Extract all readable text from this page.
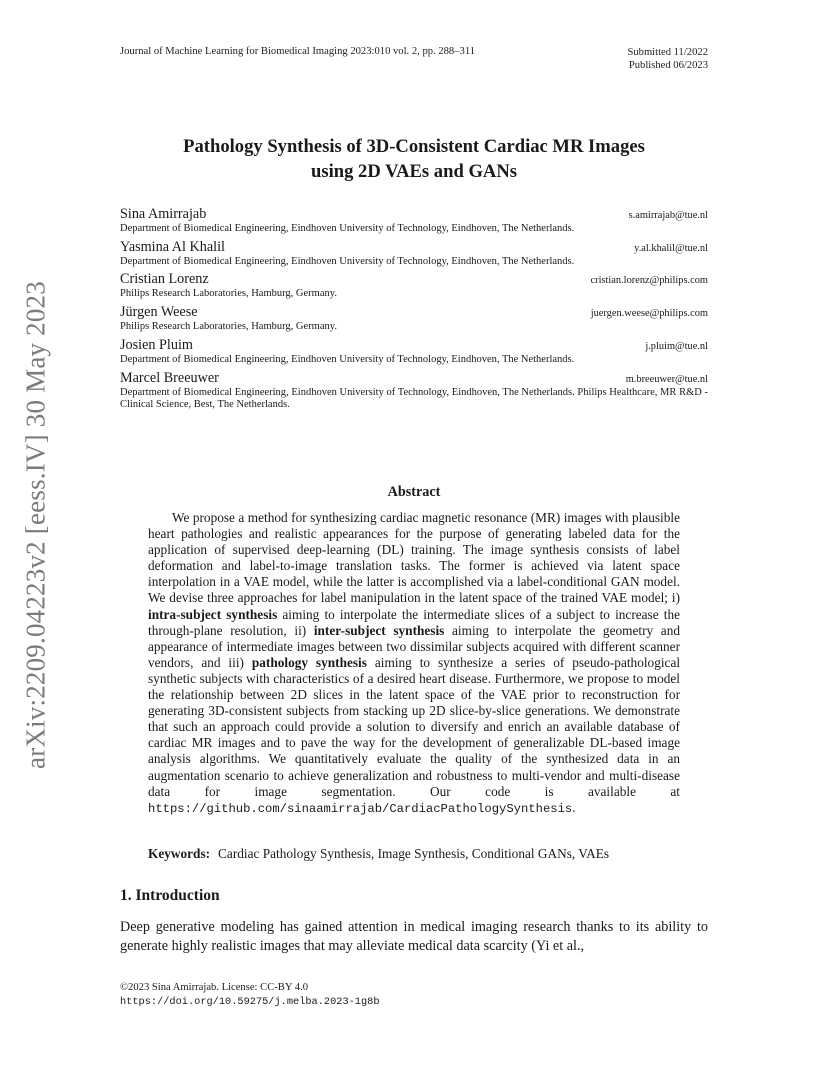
arXiv:2209.04223v2 [eess.IV] 30 May 2023
Journal of Machine Learning for Biomedical Imaging 2023:010 vol. 2, pp. 288–311	Submitted 11/2022
Published 06/2023
Pathology Synthesis of 3D-Consistent Cardiac MR Images
using 2D VAEs and GANs
Sina Amirrajab	s.amirrajab@tue.nl
Department of Biomedical Engineering, Eindhoven University of Technology, Eindhoven, The Netherlands.
Yasmina Al Khalil	y.al.khalil@tue.nl
Department of Biomedical Engineering, Eindhoven University of Technology, Eindhoven, The Netherlands.
Cristian Lorenz	cristian.lorenz@philips.com
Philips Research Laboratories, Hamburg, Germany.
Jürgen Weese	juergen.weese@philips.com
Philips Research Laboratories, Hamburg, Germany.
Josien Pluim	j.pluim@tue.nl
Department of Biomedical Engineering, Eindhoven University of Technology, Eindhoven, The Netherlands.
Marcel Breeuwer	m.breeuwer@tue.nl
Department of Biomedical Engineering, Eindhoven University of Technology, Eindhoven, The Netherlands. Philips Healthcare, MR R&D - Clinical Science, Best, The Netherlands.
Abstract
We propose a method for synthesizing cardiac magnetic resonance (MR) images with plausible heart pathologies and realistic appearances for the purpose of generating labeled data for the application of supervised deep-learning (DL) training. The image synthesis consists of label deformation and label-to-image translation tasks. The former is achieved via latent space interpolation in a VAE model, while the latter is accomplished via a label-conditional GAN model. We devise three approaches for label manipulation in the latent space of the trained VAE model; i) intra-subject synthesis aiming to interpolate the intermediate slices of a subject to increase the through-plane resolution, ii) inter-subject synthesis aiming to interpolate the geometry and appearance of intermediate images between two dissimilar subjects acquired with different scanner vendors, and iii) pathology synthesis aiming to synthesize a series of pseudo-pathological synthetic subjects with characteristics of a desired heart disease. Furthermore, we propose to model the relationship between 2D slices in the latent space of the VAE prior to reconstruction for generating 3D-consistent subjects from stacking up 2D slice-by-slice generations. We demonstrate that such an approach could provide a solution to diversify and enrich an available database of cardiac MR images and to pave the way for the development of generalizable DL-based image analysis algorithms. We quantitatively evaluate the quality of the synthesized data in an augmentation scenario to achieve generalization and robustness to multi-vendor and multi-disease data for image segmentation. Our code is available at https://github.com/sinaamirrajab/CardiacPathologySynthesis.
Keywords: Cardiac Pathology Synthesis, Image Synthesis, Conditional GANs, VAEs
1. Introduction
Deep generative modeling has gained attention in medical imaging research thanks to its ability to generate highly realistic images that may alleviate medical data scarcity (Yi et al.,
©2023 Sina Amirrajab. License: CC-BY 4.0
https://doi.org/10.59275/j.melba.2023-1g8b
